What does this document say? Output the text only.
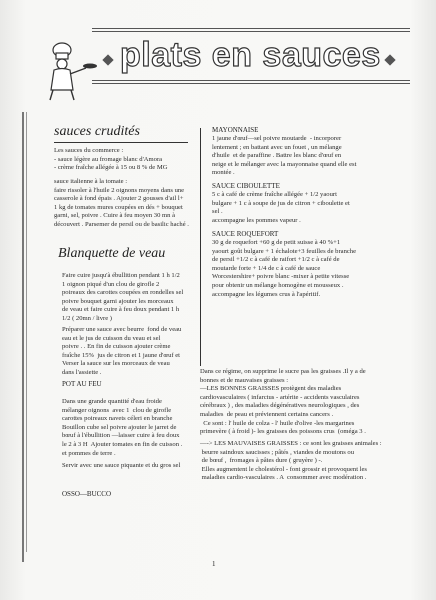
plats en sauces
sauces crudités
Les sauces du commerce :
- sauce légère au fromage blanc d'Amora
- crème fraîche allégée à 15 ou 8 % de MG
sauce italienne à la tomate :
faire rissoler à l'huile 2 oignons moyens dans une
casserole à fond épais . Ajouter 2 gousses d'ail l+
1 kg de tomates mures coupées en dés + bouquet
garni, sel, poivre . Cuire à feu moyen 30 mn à
découvert . Parsemer de persil ou de basilic haché .
Blanquette de veau
Faire cuire jusqu'à ébullition pendant 1 h 1/2
1 oignon piqué d'un clou de girofle 2
poireaux des carottes coupées en rondelles sel
poivre bouquet garni ajouter les morceaux
de veau et faire cuire à feu doux pendant 1 h
1/2 ( 20mn / livre )
Préparer une sauce avec beurre  fond de veau
eau et le jus de cuisson du veau et sel
poivre . . En fin de cuisson ajouter crème
fraîche 15%  jus de citron et 1 jaune d'œuf et
Verser la sauce sur les morceaux de veau
dans l'assiette .
POT AU FEU
Dans une grande quantité d'eau froide
mélanger oignons  avec 1  clou de girofle
carottes poireaux navets céleri en branche
Bouillon cube sel poivre ajouter le jarret de
bœuf à l'ébullition —laisser cuire à feu doux
le 2 à 3 H  Ajouter tomates en fin de cuisson .
et pommes de terre .
Servir avec une sauce piquante et du gros sel
OSSO—BUCCO
MAYONNAISE
1 jaune d'œuf—sel poivre moutarde  - incorporer
lentement ; en battant avec un fouet , un mélange
d'huile  et de paraffine . Battre les blanc d'œuf en
neige et le mélanger avec la mayonnaise quand elle est
montée .
SAUCE CIBOULETTE
5 c à café de crème fraîche allégée + 1/2 yaourt
bulgare + 1 c à soupe de jus de citron + ciboulette et
sel .
accompagne les pommes vapeur .
SAUCE ROQUEFORT
30 g de roquefort +60 g de petit suisse à 40 %+1
yaourt goût bulgare + 1 échalote+3 feuilles de branche
de persil +1/2 c à café de raifort +1/2 c à café de
moutarde forte + 1/4 de c à café de sauce
Worcestershire+ poivre blanc -mixer à petite vitesse
pour obtenir un mélange homogène et mousseux .
accompagne les légumes crus à l'apéritif.
Dans ce régime, on supprime le sucre pas les graisses .Il y a de
bonnes et de mauvaises graisses :
—LES BONNES GRAISSES protègent des maladies
cardiovasculaires ( infarctus - artérite - accidents vasculaires
cérébraux ) , des maladies dégénératives neurologiques , des
maladies  de peau et préviennent certains cancers .
Ce sont : l' huile de colza - l' huile d'olive -les margarines
primevère ( à froid )- les graisses des poissons crus  (oméga 3 .
—-> LES MAUVAISES GRAISSES : ce sont les graisses animales :
beurre saindoux saucisses ; pâtés , viandes de moutons ou
de bœuf ,  fromages à pâtes dure ( gruyère ) -.
Elles augmentent le cholestérol - font grossir et provoquent les
maladies cardio-vasculaires . A  consommer avec modération .
1
